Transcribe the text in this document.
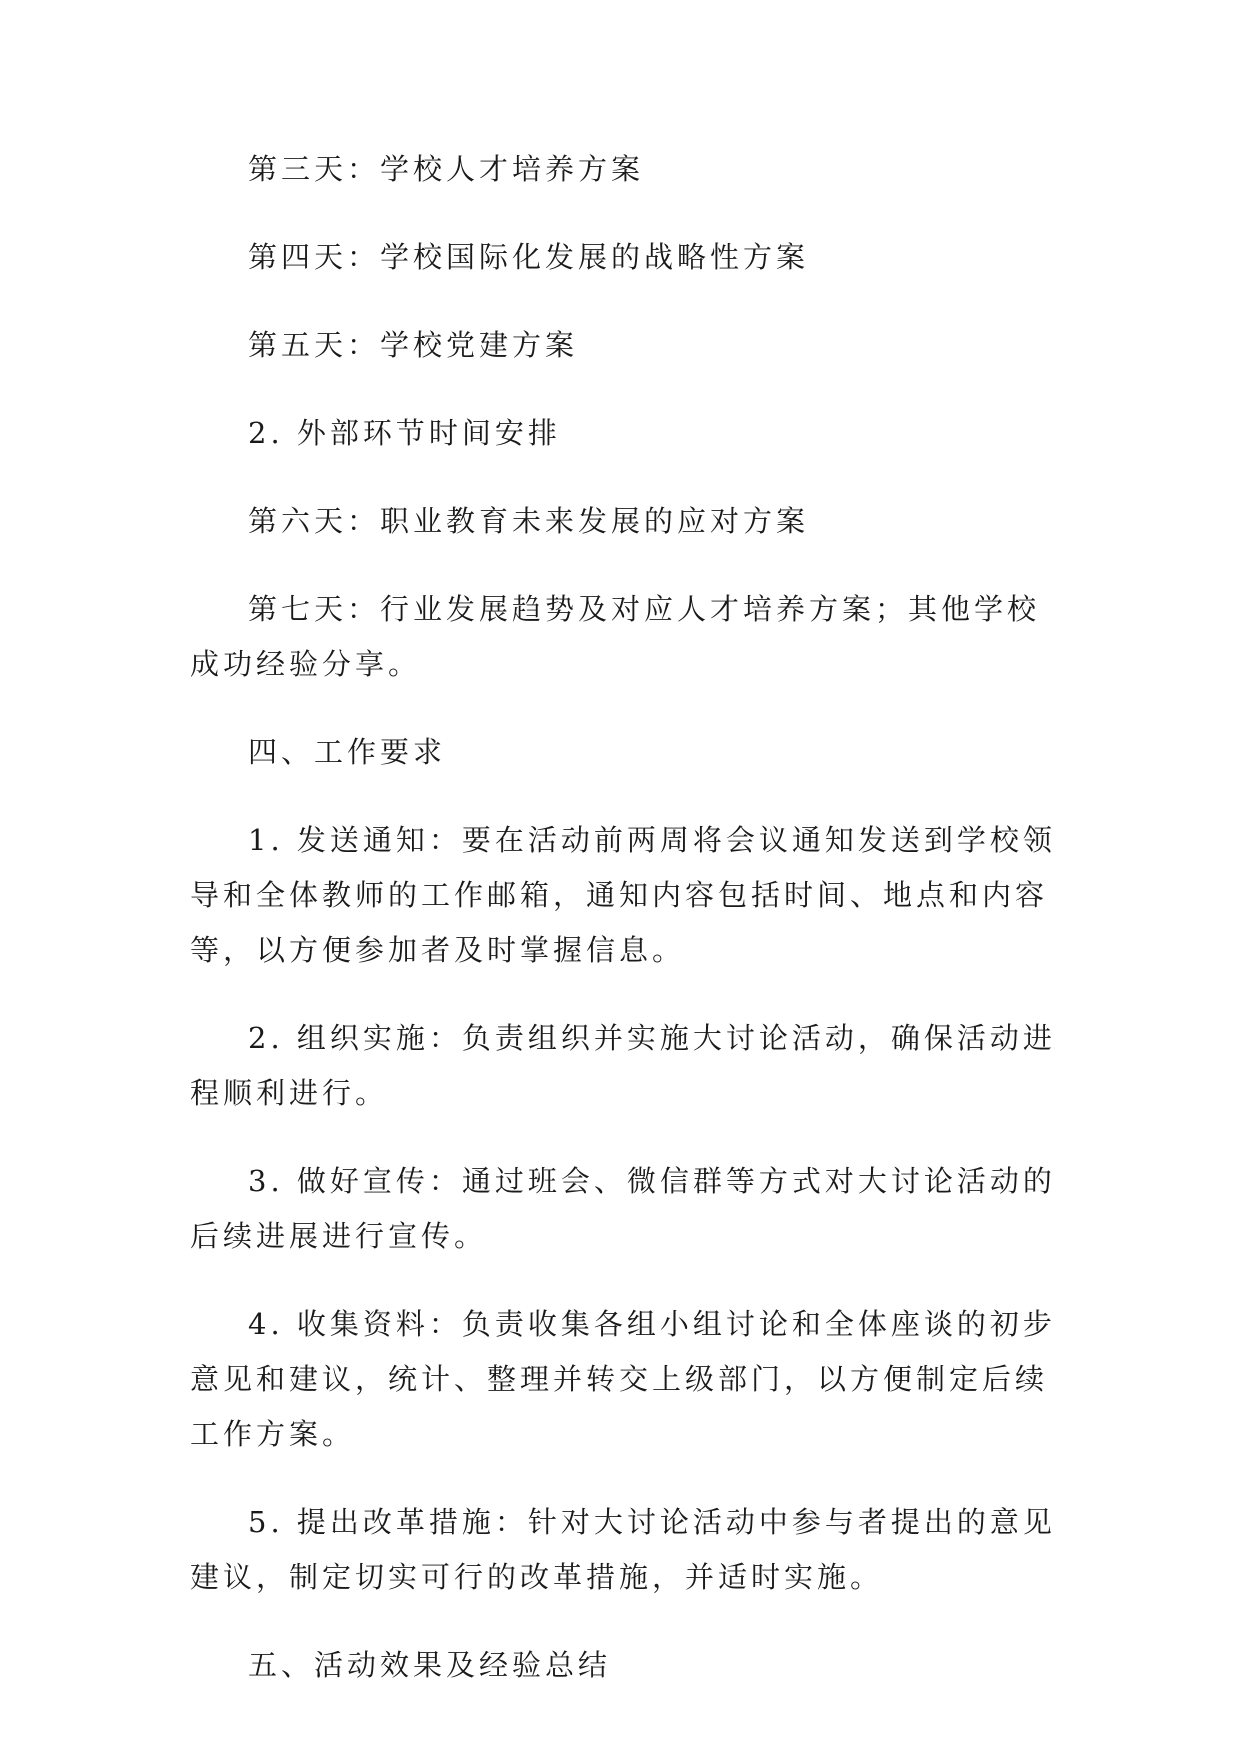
第三天：学校人才培养方案

第四天：学校国际化发展的战略性方案

第五天：学校党建方案

2. 外部环节时间安排

第六天：职业教育未来发展的应对方案

第七天：行业发展趋势及对应人才培养方案；其他学校成功经验分享。

四、工作要求

1. 发送通知：要在活动前两周将会议通知发送到学校领导和全体教师的工作邮箱，通知内容包括时间、地点和内容等，以方便参加者及时掌握信息。

2. 组织实施：负责组织并实施大讨论活动，确保活动进程顺利进行。

3. 做好宣传：通过班会、微信群等方式对大讨论活动的后续进展进行宣传。

4. 收集资料：负责收集各组小组讨论和全体座谈的初步意见和建议，统计、整理并转交上级部门，以方便制定后续工作方案。

5. 提出改革措施：针对大讨论活动中参与者提出的意见建议，制定切实可行的改革措施，并适时实施。

五、活动效果及经验总结
